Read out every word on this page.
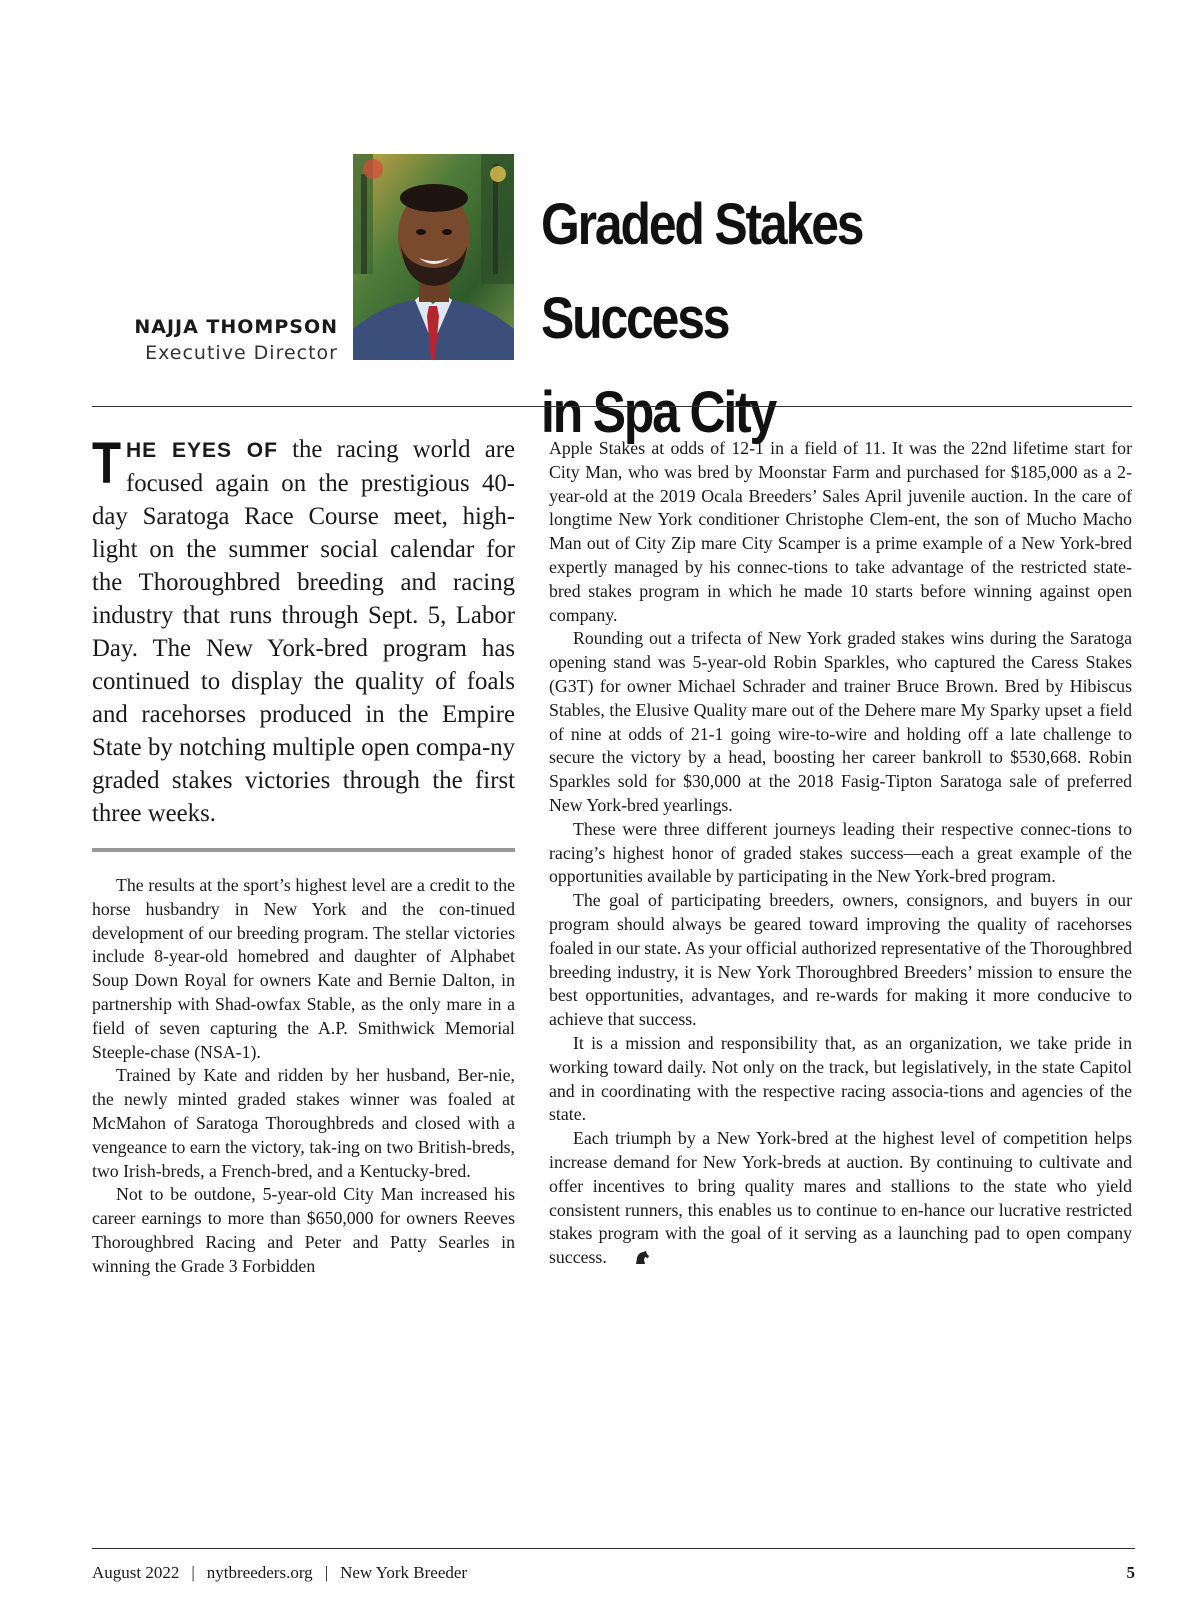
NAJJA THOMPSON
Executive Director
Graded Stakes Success
in Spa City

THE EYES OF the racing world are focused again on the prestigious 40-day Saratoga Race Course meet, high-light on the summer social calendar for the Thoroughbred breeding and racing industry that runs through Sept. 5, Labor Day. The New York-bred program has continued to display the quality of foals and racehorses produced in the Empire State by notching multiple open compa-ny graded stakes victories through the first three weeks.

The results at the sport’s highest level are a credit to the horse husbandry in New York and the con-tinued development of our breeding program. The stellar victories include 8-year-old homebred and daughter of Alphabet Soup Down Royal for owners Kate and Bernie Dalton, in partnership with Shad-owfax Stable, as the only mare in a field of seven capturing the A.P. Smithwick Memorial Steeple-chase (NSA-1).

Trained by Kate and ridden by her husband, Ber-nie, the newly minted graded stakes winner was foaled at McMahon of Saratoga Thoroughbreds and closed with a vengeance to earn the victory, tak-ing on two British-breds, two Irish-breds, a French-bred, and a Kentucky-bred.

Not to be outdone, 5-year-old City Man increased his career earnings to more than $650,000 for owners Reeves Thoroughbred Racing and Peter and Patty Searles in winning the Grade 3 Forbidden

Apple Stakes at odds of 12-1 in a field of 11. It was the 22nd lifetime start for City Man, who was bred by Moonstar Farm and purchased for $185,000 as a 2-year-old at the 2019 Ocala Breeders’ Sales April juvenile auction. In the care of longtime New York conditioner Christophe Clem-ent, the son of Mucho Macho Man out of City Zip mare City Scamper is a prime example of a New York-bred expertly managed by his connec-tions to take advantage of the restricted state-bred stakes program in which he made 10 starts before winning against open company.

Rounding out a trifecta of New York graded stakes wins during the Saratoga opening stand was 5-year-old Robin Sparkles, who captured the Caress Stakes (G3T) for owner Michael Schrader and trainer Bruce Brown. Bred by Hibiscus Stables, the Elusive Quality mare out of the Dehere mare My Sparky upset a field of nine at odds of 21-1 going wire-to-wire and holding off a late challenge to secure the victory by a head, boosting her career bankroll to $530,668. Robin Sparkles sold for $30,000 at the 2018 Fasig-Tipton Saratoga sale of preferred New York-bred yearlings.

These were three different journeys leading their respective connec-tions to racing’s highest honor of graded stakes success—each a great example of the opportunities available by participating in the New York-bred program.

The goal of participating breeders, owners, consignors, and buyers in our program should always be geared toward improving the quality of racehorses foaled in our state. As your official authorized representative of the Thoroughbred breeding industry, it is New York Thoroughbred Breeders’ mission to ensure the best opportunities, advantages, and re-wards for making it more conducive to achieve that success.

It is a mission and responsibility that, as an organization, we take pride in working toward daily. Not only on the track, but legislatively, in the state Capitol and in coordinating with the respective racing associa-tions and agencies of the state.

Each triumph by a New York-bred at the highest level of competition helps increase demand for New York-breds at auction. By continuing to cultivate and offer incentives to bring quality mares and stallions to the state who yield consistent runners, this enables us to continue to en-hance our lucrative restricted stakes program with the goal of it serving as a launching pad to open company success.

August 2022 | nytbreeders.org | New York Breeder	5
